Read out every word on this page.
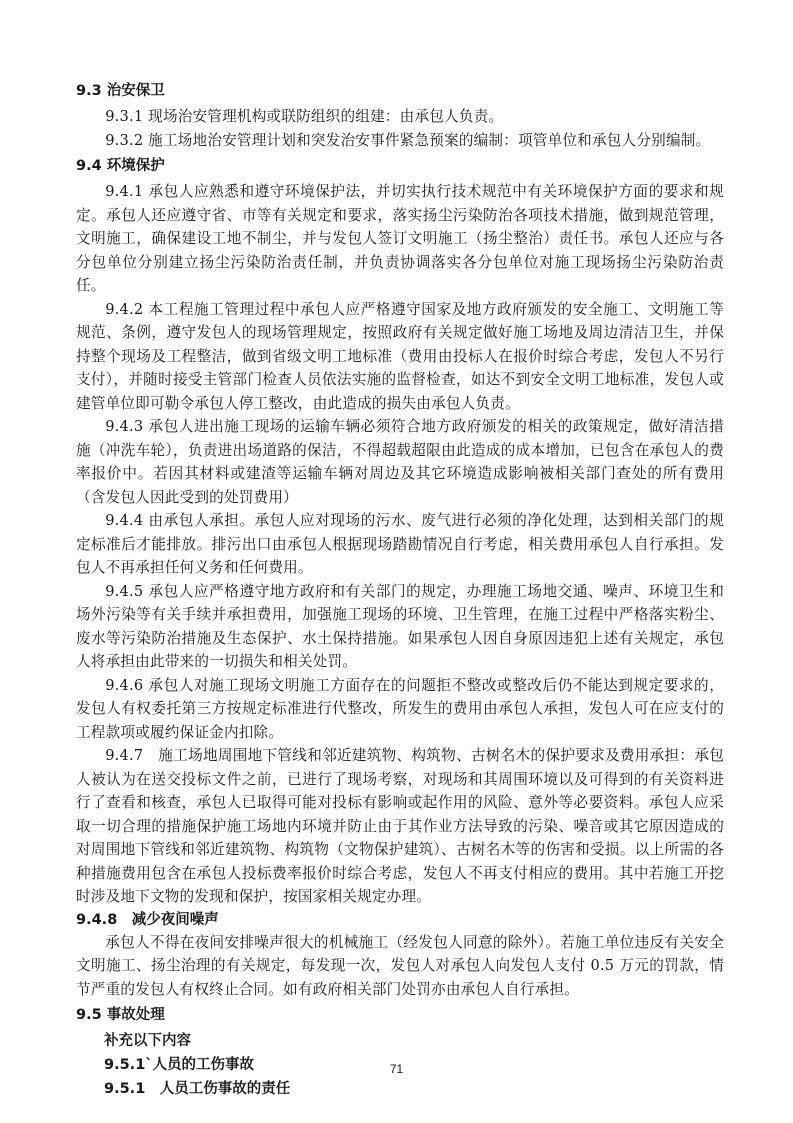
9.3 治安保卫

9.3.1 现场治安管理机构或联防组织的组建：由承包人负责。

9.3.2 施工场地治安管理计划和突发治安事件紧急预案的编制：项管单位和承包人分别编制。

9.4 环境保护

9.4.1 承包人应熟悉和遵守环境保护法，并切实执行技术规范中有关环境保护方面的要求和规定。承包人还应遵守省、市等有关规定和要求，落实扬尘污染防治各项技术措施，做到规范管理，文明施工，确保建设工地不制尘，并与发包人签订文明施工（扬尘整治）责任书。承包人还应与各分包单位分别建立扬尘污染防治责任制，并负责协调落实各分包单位对施工现场扬尘污染防治责任。

9.4.2 本工程施工管理过程中承包人应严格遵守国家及地方政府颁发的安全施工、文明施工等规范、条例，遵守发包人的现场管理规定，按照政府有关规定做好施工场地及周边清洁卫生，并保持整个现场及工程整洁，做到省级文明工地标准（费用由投标人在报价时综合考虑，发包人不另行支付），并随时接受主管部门检查人员依法实施的监督检查，如达不到安全文明工地标准，发包人或建管单位即可勒令承包人停工整改，由此造成的损失由承包人负责。

9.4.3 承包人进出施工现场的运输车辆必须符合地方政府颁发的相关的政策规定，做好清洁措施（冲洗车轮），负责进出场道路的保洁，不得超载超限由此造成的成本增加，已包含在承包人的费率报价中。若因其材料或建渣等运输车辆对周边及其它环境造成影响被相关部门查处的所有费用（含发包人因此受到的处罚费用）

9.4.4 由承包人承担。承包人应对现场的污水、废气进行必须的净化处理，达到相关部门的规定标准后才能排放。排污出口由承包人根据现场踏勘情况自行考虑，相关费用承包人自行承担。发包人不再承担任何义务和任何费用。

9.4.5 承包人应严格遵守地方政府和有关部门的规定，办理施工场地交通、噪声、环境卫生和场外污染等有关手续并承担费用，加强施工现场的环境、卫生管理，在施工过程中严格落实粉尘、废水等污染防治措施及生态保护、水土保持措施。如果承包人因自身原因违犯上述有关规定，承包人将承担由此带来的一切损失和相关处罚。

9.4.6 承包人对施工现场文明施工方面存在的问题拒不整改或整改后仍不能达到规定要求的，发包人有权委托第三方按规定标准进行代整改，所发生的费用由承包人承担，发包人可在应支付的工程款项或履约保证金内扣除。

9.4.7　施工场地周围地下管线和邻近建筑物、构筑物、古树名木的保护要求及费用承担：承包人被认为在送交投标文件之前，已进行了现场考察，对现场和其周围环境以及可得到的有关资料进行了查看和核查，承包人已取得可能对投标有影响或起作用的风险、意外等必要资料。承包人应采取一切合理的措施保护施工场地内环境并防止由于其作业方法导致的污染、噪音或其它原因造成的对周围地下管线和邻近建筑物、构筑物（文物保护建筑）、古树名木等的伤害和受损。以上所需的各种措施费用包含在承包人投标费率报价时综合考虑，发包人不再支付相应的费用。其中若施工开挖时涉及地下文物的发现和保护，按国家相关规定办理。

9.4.8　减少夜间噪声

承包人不得在夜间安排噪声很大的机械施工（经发包人同意的除外）。若施工单位违反有关安全文明施工、扬尘治理的有关规定，每发现一次，发包人对承包人向发包人支付 0.5 万元的罚款，情节严重的发包人有权终止合同。如有政府相关部门处罚亦由承包人自行承担。

9.5 事故处理

补充以下内容

9.5.1`人员的工伤事故

9.5.1　人员工伤事故的责任

71
